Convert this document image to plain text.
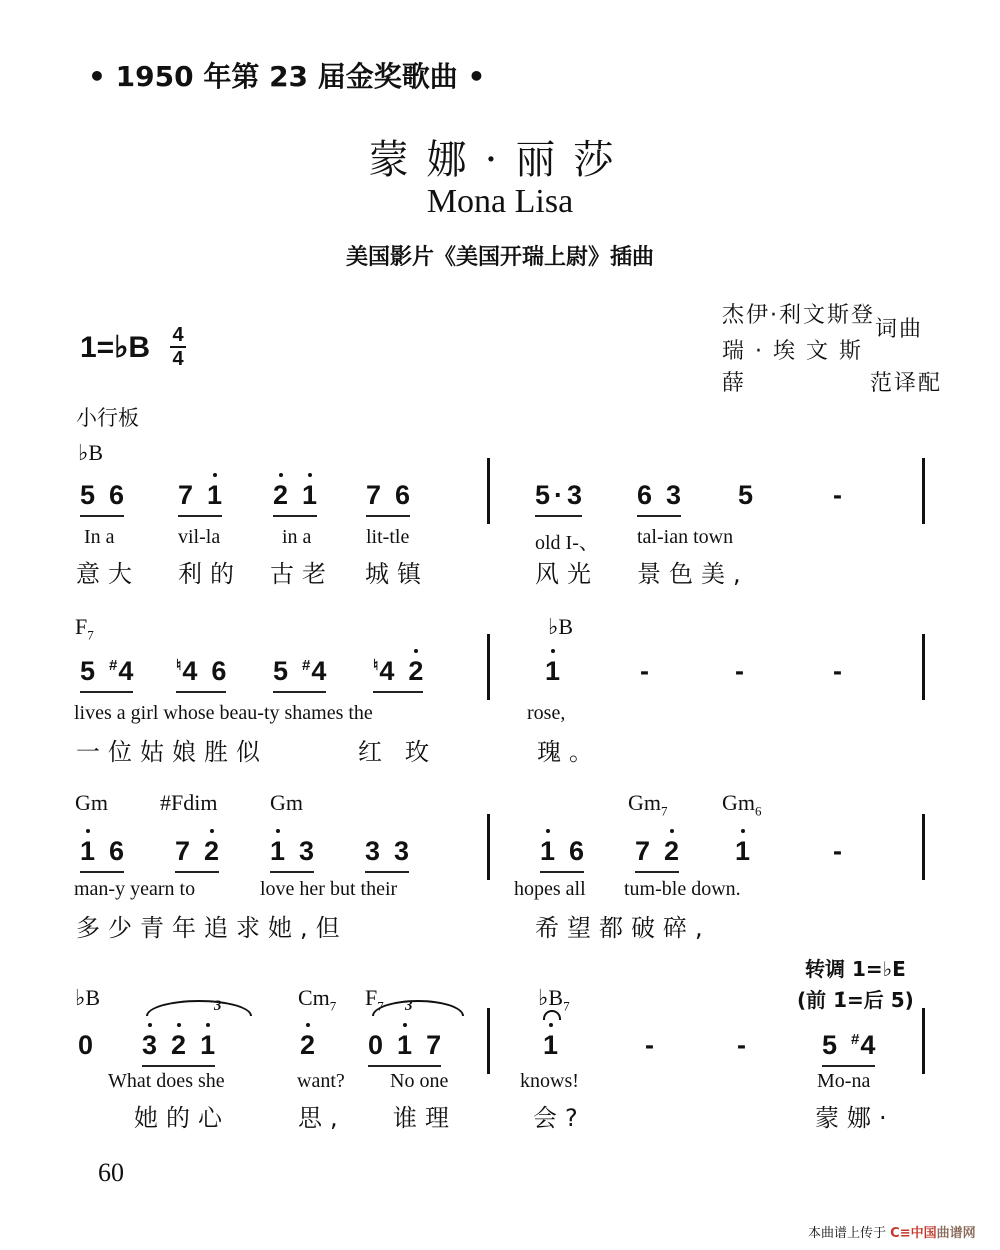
• 1950 年第 23 届金奖歌曲 •
蒙娜·丽莎
Mona Lisa
美国影片《美国开瑞上尉》插曲
杰伊·利文斯登词曲
瑞 · 埃 文 斯
薛	范译配
1=♭B 4
4
小行板
转调 1=♭E
(前 1̇=后 5)
60
本曲谱上传于 C≡中国曲谱网
♭B
5 6 7 1 2 1 7 6	5 · 3 6 3 5	-
In a	vil-la	in a	lit-tle	old I-、 tal-ian town
意大 利的 古老 城镇	风光 景色美,
$F_7$	♭B
5 #4	♮4 6 5 #4	♮4 2	1	-	-	-
lives a girl whose beau-ty shames the	rose,
一位姑娘胜似	红 玫	瑰。
Gm #Fdim Gm	$Gm_7$ $Gm_6$
1 6 7 2 1 3 3 3	1 6 7 2 1	-
man-y yearn to	love her but their	hopes all tum-ble down.
多少青年追求她,但	希望都破碎,
♭B	$Cm_7$ $F_7$	$♭B_7$
0 3 2 1	2 0 1 7	1	-	-	5 #4
What does she	want? No one	knows!	Mo-na
她的心	思, 谁理	会?	蒙娜·
3	3
